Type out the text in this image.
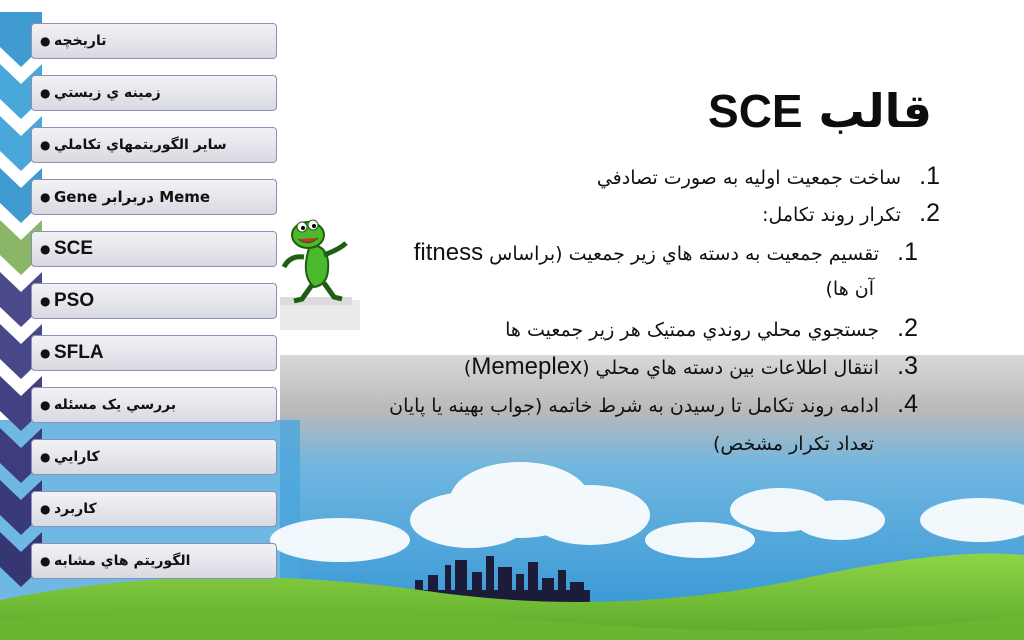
● تاريخچه
● زمينه ي زيستي
● ساير الگوريتمهاي تكاملي
● Gene دربرابر Meme
● SCE
● PSO
● SFLA
● بررسي يک مسئله
● كارايي
● كاربرد
● الگوريتم هاي مشابه
قالب SCE
1.   ساخت جمعيت اوليه به صورت تصادفي
2.   تکرار روند تکامل:
1.   تقسيم جمعيت به دسته هاي زير جمعيت (براساس fitness
آن ها)
2.   جستجوي محلي روندي ممتيک هر زير جمعيت ها
3.   انتقال اطلاعات بين دسته هاي محلي (Memeplex)
4.   ادامه روند تکامل تا رسيدن به شرط خاتمه (جواب بهينه يا پايان
تعداد تکرار مشخص)
